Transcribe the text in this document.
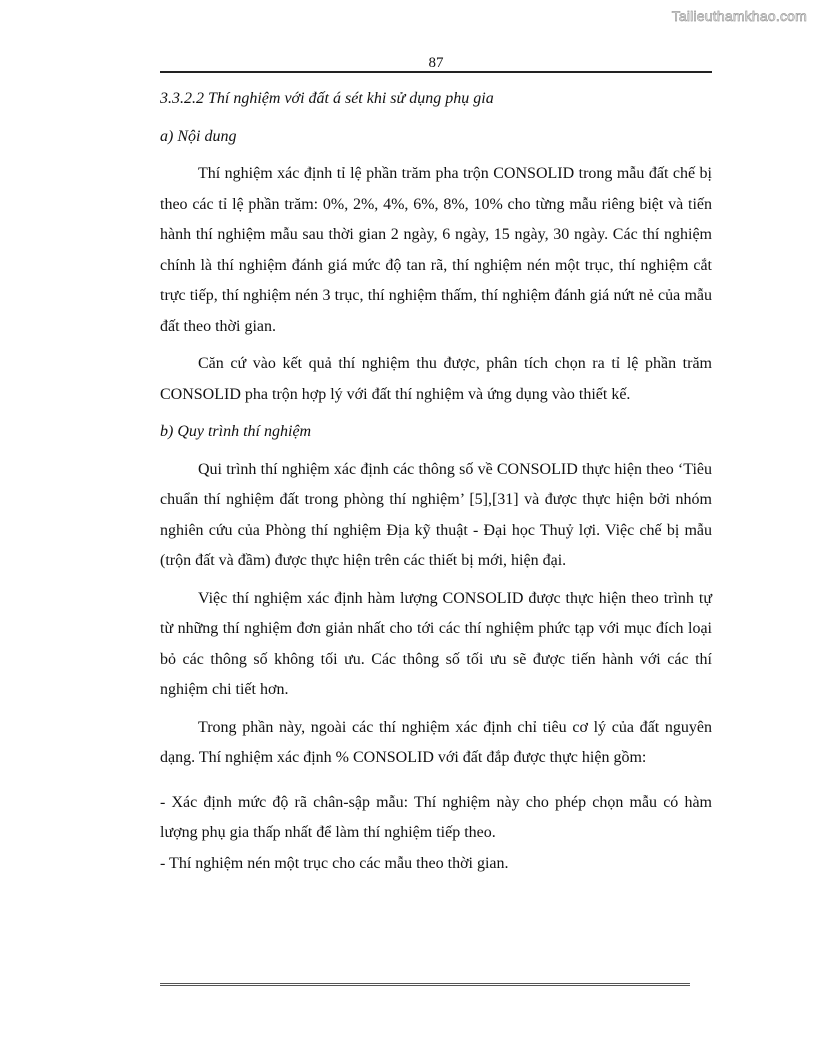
Tailieuthamkhao.com
87

3.3.2.2 Thí nghiệm với đất á sét khi sử dụng phụ gia

a) Nội dung

Thí nghiệm xác định tỉ lệ phần trăm pha trộn CONSOLID trong mẫu đất chế bị theo các tỉ lệ phần trăm: 0%, 2%, 4%, 6%, 8%, 10% cho từng mẫu riêng biệt và tiến hành thí nghiệm mẫu sau thời gian 2 ngày, 6 ngày, 15 ngày, 30 ngày. Các thí nghiệm chính là thí nghiệm đánh giá mức độ tan rã, thí nghiệm nén một trục, thí nghiệm cắt trực tiếp, thí nghiệm nén 3 trục, thí nghiệm thấm, thí nghiệm đánh giá nứt nẻ của mẫu đất theo thời gian.

Căn cứ vào kết quả thí nghiệm thu được, phân tích chọn ra tỉ lệ phần trăm CONSOLID pha trộn hợp lý với đất thí nghiệm và ứng dụng vào thiết kế.

b) Quy trình thí nghiệm

Qui trình thí nghiệm xác định các thông số về CONSOLID thực hiện theo ‘Tiêu chuẩn thí nghiệm đất trong phòng thí nghiệm’ [5],[31] và được thực hiện bởi nhóm nghiên cứu của Phòng thí nghiệm Địa kỹ thuật - Đại học Thuỷ lợi. Việc chế bị mẫu (trộn đất và đầm) được thực hiện trên các thiết bị mới, hiện đại.

Việc thí nghiệm xác định hàm lượng CONSOLID được thực hiện theo trình tự từ những thí nghiệm đơn giản nhất cho tới các thí nghiệm phức tạp với mục đích loại bỏ các thông số không tối ưu. Các thông số tối ưu sẽ được tiến hành với các thí nghiệm chi tiết hơn.

Trong phần này, ngoài các thí nghiệm xác định chỉ tiêu cơ lý của đất nguyên dạng. Thí nghiệm xác định % CONSOLID với đất đắp được thực hiện gồm:

- Xác định mức độ rã chân-sập mẫu: Thí nghiệm này cho phép chọn mẫu có hàm lượng phụ gia thấp nhất để làm thí nghiệm tiếp theo.

- Thí nghiệm nén một trục cho các mẫu theo thời gian.
